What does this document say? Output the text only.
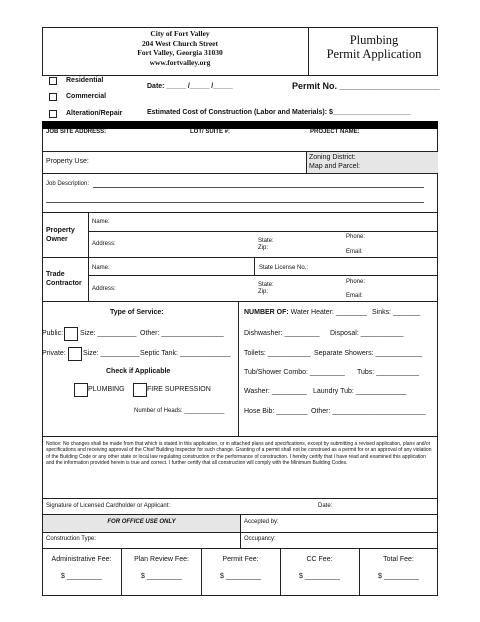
City of Fort Valley
204 West Church Street
Fort Valley, Georgia 31030
www.fortvalley.org
Plumbing
Permit Application
Residential
Commercial
Alteration/Repair
Date: _____ /_____ /_____	Permit No. ____________________
Estimated Cost of Construction (Labor and Materials): $____________________
JOB SITE ADDRESS:	LOT/ SUITE #:	PROJECT NAME:
Property Use:
Zoning District:
Map and Parcel:
Job Description:
Property
Owner
Name:
Address:	State:
Zip:
Phone:
Email:
Trade
Contractor
Name:	State License No.:
Address:
State:
Zip:
Phone:
Email:
Type of Service:
Public: Size: __________ Other: ________________
Private: Size: __________ Septic Tank: _____________
Check if Applicable
PLUMBING	FIRE SUPRESSION
Number of Heads: ____________
NUMBER OF: Water Heater: ________ Sinks: _______
Dishwasher: _________ Disposal: ___________
Toilets: ___________ Separate Showers: ____________
Tub/Shower Combo: _________ Tubs: ___________
Washer: _________ Laundry Tub: _____________
Hose Bib: ________ Other: ________________________
Notice: No changes shall be made from that which is stated in this application, or in attached plans and specifications, except by submitting a revised application, plans and/or specifications and receiving approval of the Chief Building Inspector for such change. Granting of a permit shall not be construed as a permit for or an approval of any violation of the Building Code or any other state or local law regulating construction or the performance of construction. I hereby certify that I have read and examined this application and the information provided herein is true and correct. I further certify that all construction will comply with the Minimum Building Codes.
Signature of Licensed Cardholder or Applicant:	Date:
FOR OFFICE USE ONLY	Accepted by:
Construction Type:	Occupancy:
Administrative Fee:
$ _________
Plan Review Fee:
$ _________
Permit Fee:
$ _________
CC Fee:
$ _________
Total Fee:
$ _________
